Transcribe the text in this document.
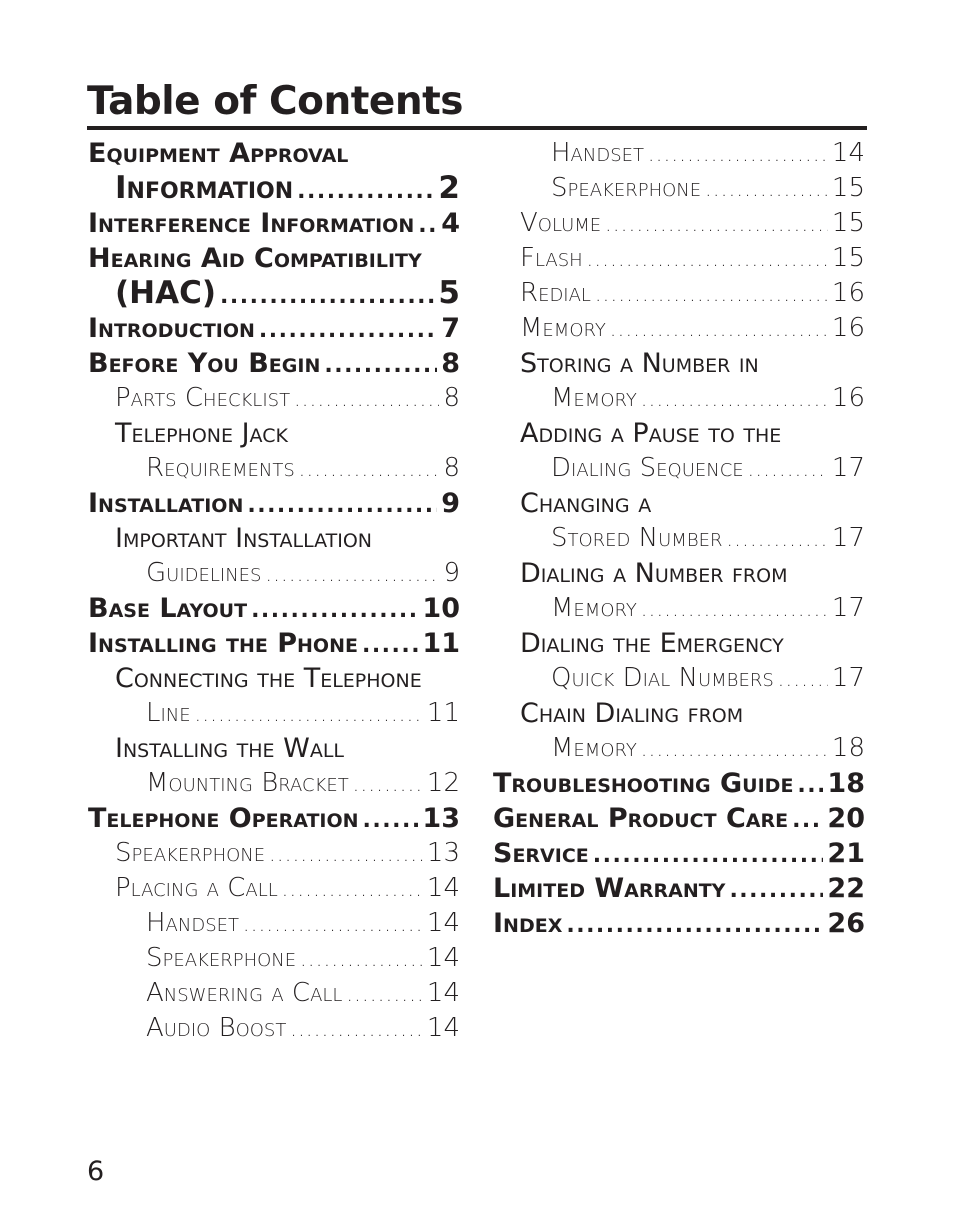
Table of Contents
Equipment Approval
Information .....	2
Interference Information ..... 4
Hearing Aid Compatibility
(HAC) .....	5
Introduction .....	7
Before You Begin .....	8
Parts Checklist .....	8
Telephone Jack
Requirements .....	8
Installation .....	9
Important Installation
Guidelines .....	9
Base Layout .....	10
Installing the Phone ..... 11
Connecting the Telephone
Line .....	11
Installing the Wall
Mounting Bracket .....	12
Telephone Operation ..... 13
Speakerphone .....	13
Placing a Call .....	14
Handset .....	14
Speakerphone .....	14
Answering a Call .....	14
Audio Boost .....	14
Handset .....	14
Speakerphone .....	15
Volume .....	15
Flash .....	15
Redial .....	16
Memory .....	16
Storing a Number in
Memory .....	16
Adding a Pause to the
Dialing Sequence .....	17
Changing a
Stored Number .....	17
Dialing a Number from
Memory .....	17
Dialing the Emergency
Quick Dial Numbers ..... 17
Chain Dialing from
Memory .....	18
Troubleshooting Guide ..... 18
General Product Care ..... 20
Service .....	21
Limited Warranty .....	22
Index .....	26

6
